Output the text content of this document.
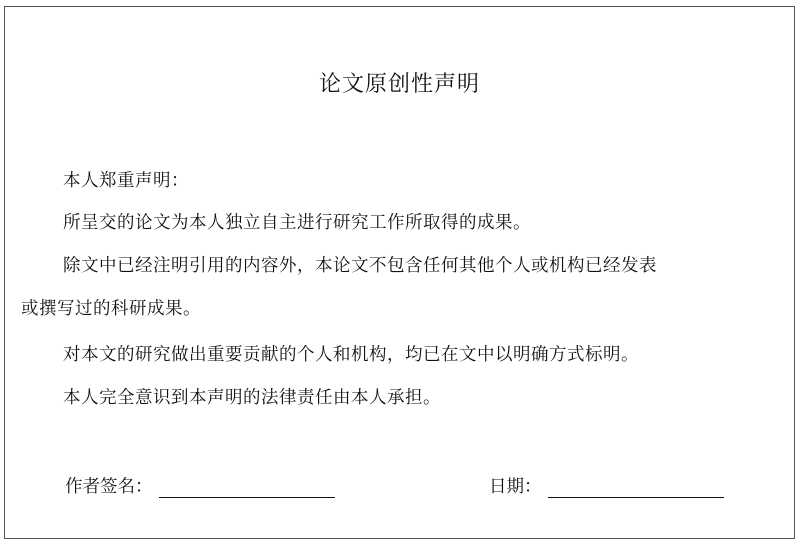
论文原创性声明
本人郑重声明：
所呈交的论文为本人独立自主进行研究工作所取得的成果。
除文中已经注明引用的内容外，本论文不包含任何其他个人或机构已经发表
或撰写过的科研成果。
对本文的研究做出重要贡献的个人和机构，均已在文中以明确方式标明。
本人完全意识到本声明的法律责任由本人承担。
作者签名：	日期：
